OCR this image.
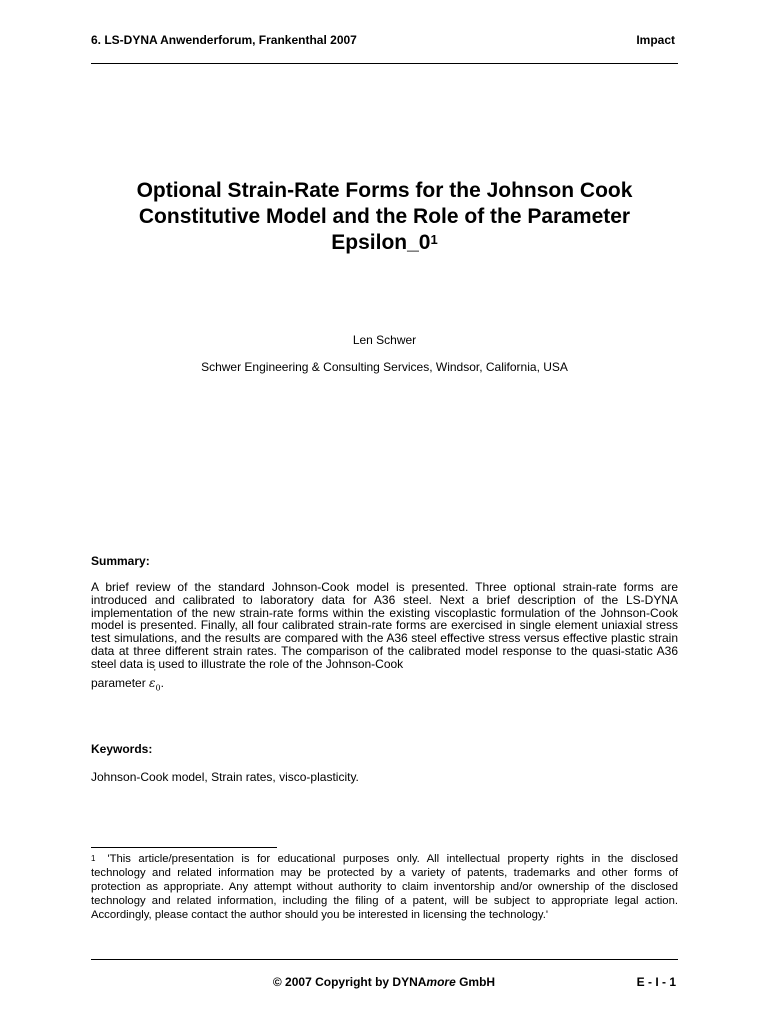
6. LS-DYNA Anwenderforum, Frankenthal 2007	Impact
Optional Strain-Rate Forms for the Johnson Cook
Constitutive Model and the Role of the Parameter
$Epsilon\_0^1$
Len Schwer
Schwer Engineering & Consulting Services, Windsor, California, USA
Summary:

A brief review of the standard Johnson-Cook model is presented. Three optional strain-rate forms are introduced and calibrated to laboratory data for A36 steel. Next a brief description of the LS-DYNA implementation of the new strain-rate forms within the existing viscoplastic formulation of the Johnson-Cook model is presented. Finally, all four calibrated strain-rate forms are exercised in single element uniaxial stress test simulations, and the results are compared with the A36 steel effective stress versus effective plastic strain data at three different strain rates. The comparison of the calibrated model response to the quasi-static A36 steel data is used to illustrate the role of the Johnson-Cook
parameter
˙
$\varepsilon_0$.

Keywords:
Johnson-Cook model, Strain rates, visco-plasticity.

$^1$ 'This article/presentation is for educational purposes only. All intellectual property rights in the disclosed technology and related information may be protected by a variety of patents, trademarks and other forms of protection as appropriate. Any attempt without authority to claim inventorship and/or ownership of the disclosed technology and related information, including the filing of a patent, will be subject to appropriate legal action. Accordingly, please contact the author should you be interested in licensing the technology.'

© 2007 Copyright by DYNAmore GmbH	E - I - 1
